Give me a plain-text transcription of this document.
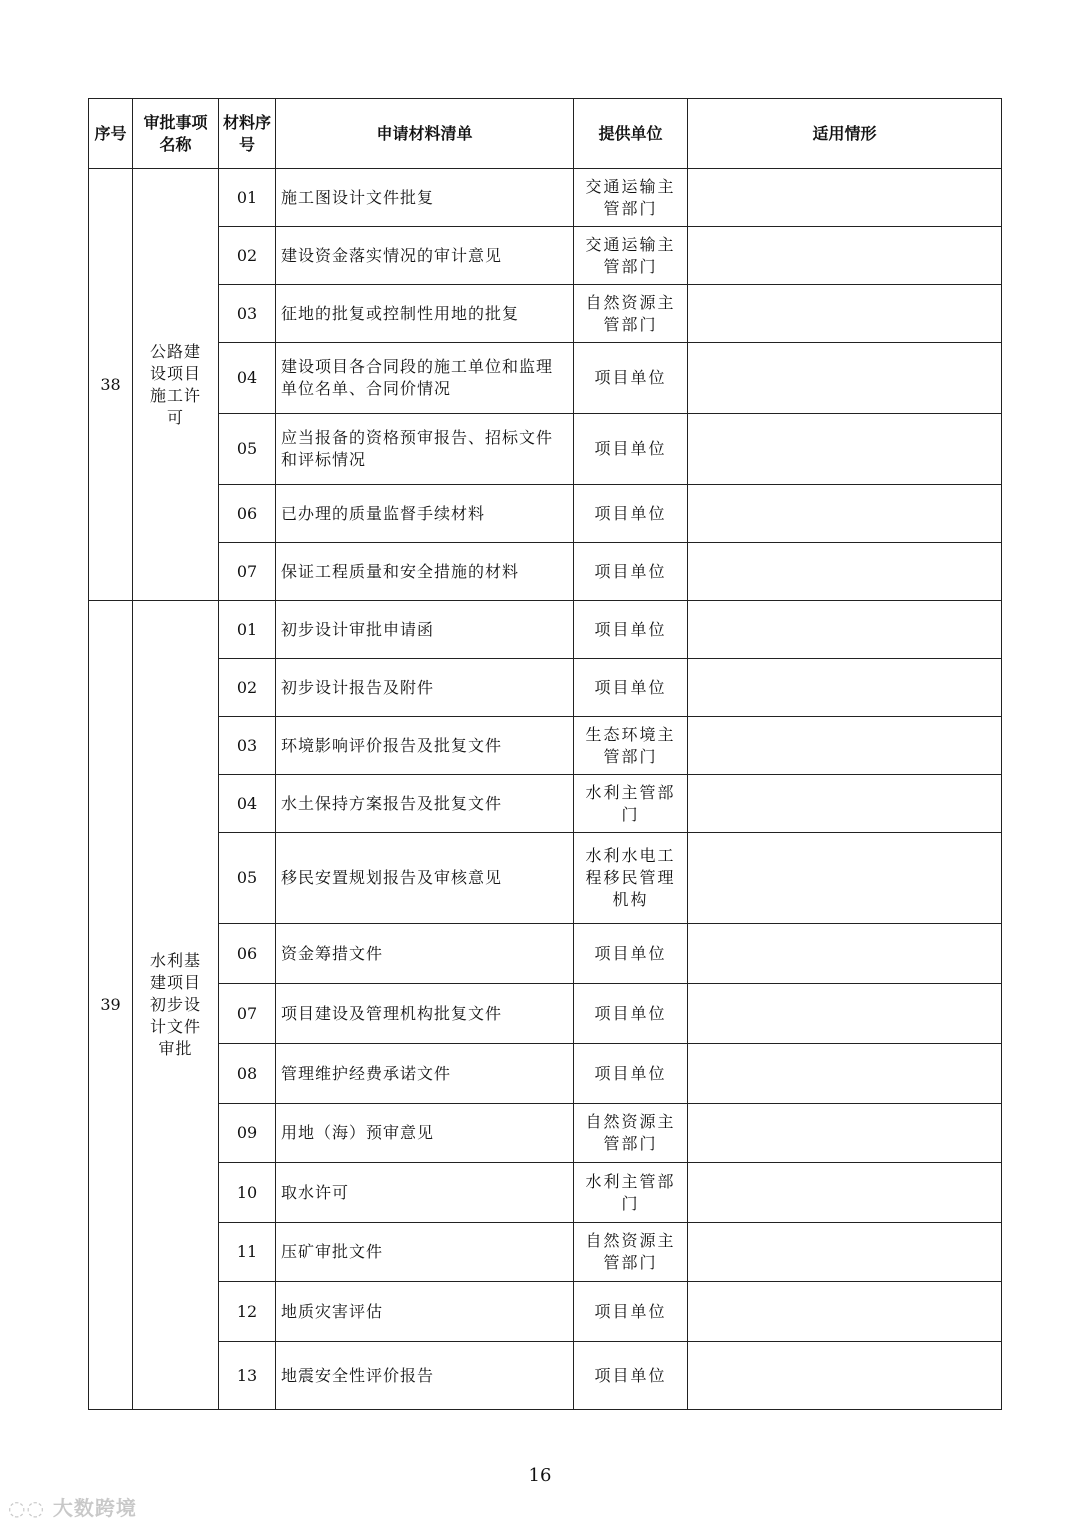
序号	审批事项名称	材料序号	申请材料清单	提供单位	适用情形
38	公路建设项目施工许可	01	施工图设计文件批复	交通运输主管部门	
		02	建设资金落实情况的审计意见	交通运输主管部门	
		03	征地的批复或控制性用地的批复	自然资源主管部门	
		04	建设项目各合同段的施工单位和监理单位名单、合同价情况	项目单位	
		05	应当报备的资格预审报告、招标文件和评标情况	项目单位	
		06	已办理的质量监督手续材料	项目单位	
		07	保证工程质量和安全措施的材料	项目单位	
39	水利基建项目初步设计文件审批	01	初步设计审批申请函	项目单位	
		02	初步设计报告及附件	项目单位	
		03	环境影响评价报告及批复文件	生态环境主管部门	
		04	水土保持方案报告及批复文件	水利主管部门	
		05	移民安置规划报告及审核意见	水利水电工程移民管理机构	
		06	资金筹措文件	项目单位	
		07	项目建设及管理机构批复文件	项目单位	
		08	管理维护经费承诺文件	项目单位	
		09	用地（海）预审意见	自然资源主管部门	
		10	取水许可	水利主管部门	
		11	压矿审批文件	自然资源主管部门	
		12	地质灾害评估	项目单位	
		13	地震安全性评价报告	项目单位	
16
◌◌ 大数跨境
